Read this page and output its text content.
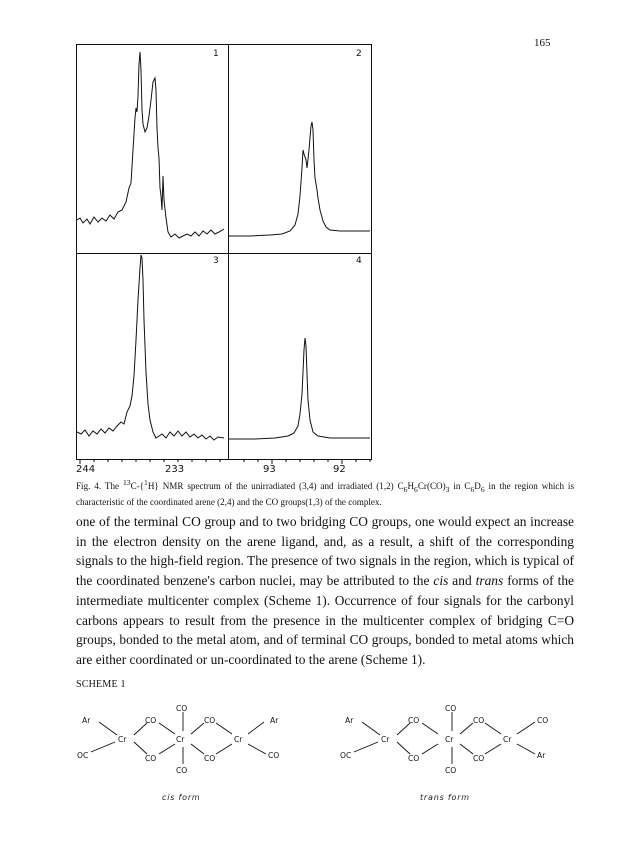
165
1	2
3	4
244	233	93	92
CO
Ar	CO	CO	Ar
Cr	Cr	Cr
OC	CO	CO	CO
CO
cis form
CO
Ar	CO	CO	CO
Cr	Cr	Cr
OC	CO	CO	Ar
CO
trans form
Fig. 4. The $^{13}$C-{$^1$H} NMR spectrum of the unirradiated (3,4) and irradiated (1,2) $C_6H_6Cr(CO)_3$ in $C_6D_6$ in the region which is characteristic of the coordinated arene (2,4) and the CO groups(1,3) of the complex.
one of the terminal CO group and to two bridging CO groups, one would expect an increase in the electron density on the arene ligand, and, as a result, a shift of the corresponding signals to the high-field region. The presence of two signals in the region, which is typical of the coordinated benzene's carbon nuclei, may be attributed to the cis and trans forms of the intermediate multicenter complex (Scheme 1). Occurrence of four signals for the carbonyl carbons appears to result from the presence in the multicenter complex of bridging C=O groups, bonded to the metal atom, and of terminal CO groups, bonded to metal atoms which are either coordinated or un-coordinated to the arene (Scheme 1).
SCHEME 1
